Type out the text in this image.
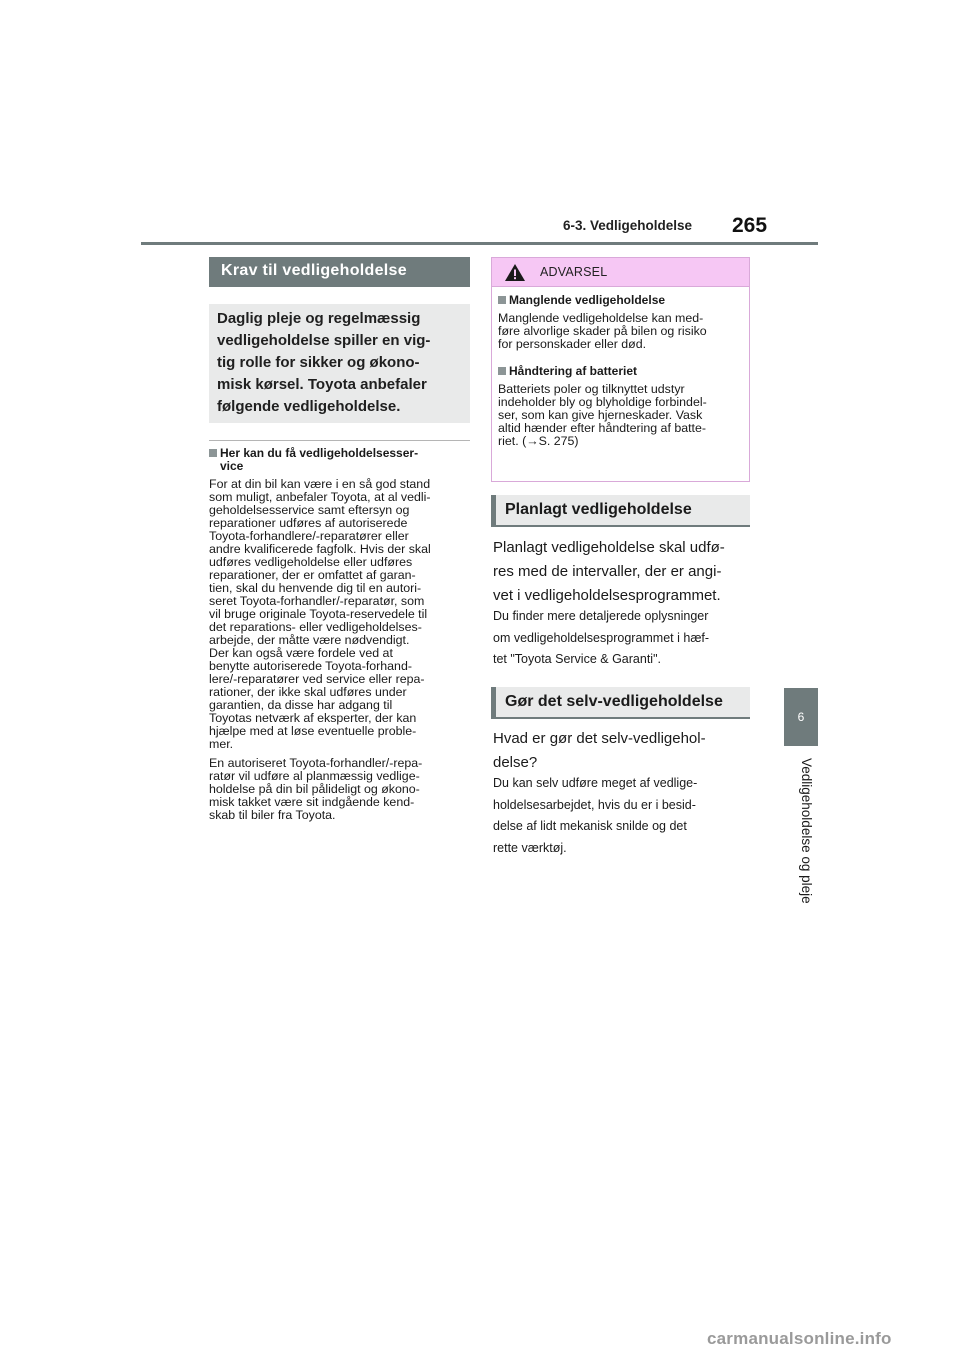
6-3. Vedligeholdelse 265
6
Vedligeholdelse og pleje
Krav til vedligeholdelse
Daglig pleje og regelmæssig
vedligeholdelse spiller en vig-
tig rolle for sikker og økono-
misk kørsel. Toyota anbefaler
følgende vedligeholdelse.
Her kan du få vedligeholdelsesser-
vice
For at din bil kan være i en så god stand
som muligt, anbefaler Toyota, at al vedli-
geholdelsesservice samt eftersyn og
reparationer udføres af autoriserede
Toyota-forhandlere/-reparatører eller
andre kvalificerede fagfolk. Hvis der skal
udføres vedligeholdelse eller udføres
reparationer, der er omfattet af garan-
tien, skal du henvende dig til en autori-
seret Toyota-forhandler/-reparatør, som
vil bruge originale Toyota-reservedele til
det reparations- eller vedligeholdelses-
arbejde, der måtte være nødvendigt.
Der kan også være fordele ved at
benytte autoriserede Toyota-forhand-
lere/-reparatører ved service eller repa-
rationer, der ikke skal udføres under
garantien, da disse har adgang til
Toyotas netværk af eksperter, der kan
hjælpe med at løse eventuelle proble-
mer.
En autoriseret Toyota-forhandler/-repa-
ratør vil udføre al planmæssig vedlige-
holdelse på din bil pålideligt og økono-
misk takket være sit indgående kend-
skab til biler fra Toyota.
ADVARSEL
Manglende vedligeholdelse
Manglende vedligeholdelse kan med-
føre alvorlige skader på bilen og risiko
for personskader eller død.
Håndtering af batteriet
Batteriets poler og tilknyttet udstyr
indeholder bly og blyholdige forbindel-
ser, som kan give hjerneskader. Vask
altid hænder efter håndtering af batte-
riet. (→S. 275)
Planlagt vedligeholdelse
Planlagt vedligeholdelse skal udfø-
res med de intervaller, der er angi-
vet i vedligeholdelsesprogrammet.
Du finder mere detaljerede oplysninger
om vedligeholdelsesprogrammet i hæf-
tet "Toyota Service & Garanti".
Gør det selv-vedligeholdelse
Hvad er gør det selv-vedligehol-
delse?
Du kan selv udføre meget af vedlige-
holdelsesarbejdet, hvis du er i besid-
delse af lidt mekanisk snilde og det
rette værktøj.
carmanualsonline.info
